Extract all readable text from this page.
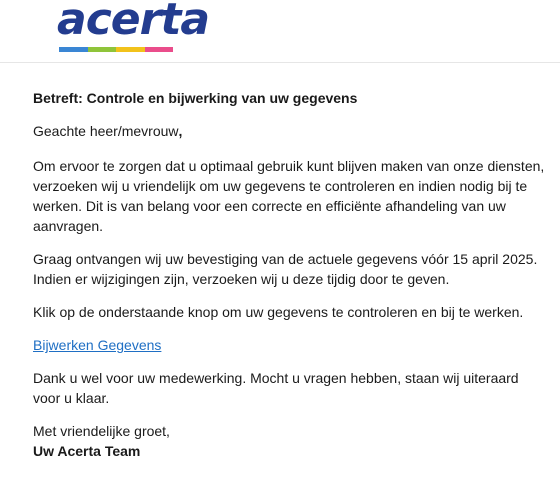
acerta

Betreft: Controle en bijwerking van uw gegevens

Geachte heer/mevrouw,

Om ervoor te zorgen dat u optimaal gebruik kunt blijven maken van onze diensten, verzoeken wij u vriendelijk om uw gegevens te controleren en indien nodig bij te werken. Dit is van belang voor een correcte en efficiënte afhandeling van uw aanvragen.

Graag ontvangen wij uw bevestiging van de actuele gegevens vóór 15 april 2025. Indien er wijzigingen zijn, verzoeken wij u deze tijdig door te geven.

Klik op de onderstaande knop om uw gegevens te controleren en bij te werken.

Bijwerken Gegevens

Dank u wel voor uw medewerking. Mocht u vragen hebben, staan wij uiteraard voor u klaar.

Met vriendelijke groet,

Uw Acerta Team
